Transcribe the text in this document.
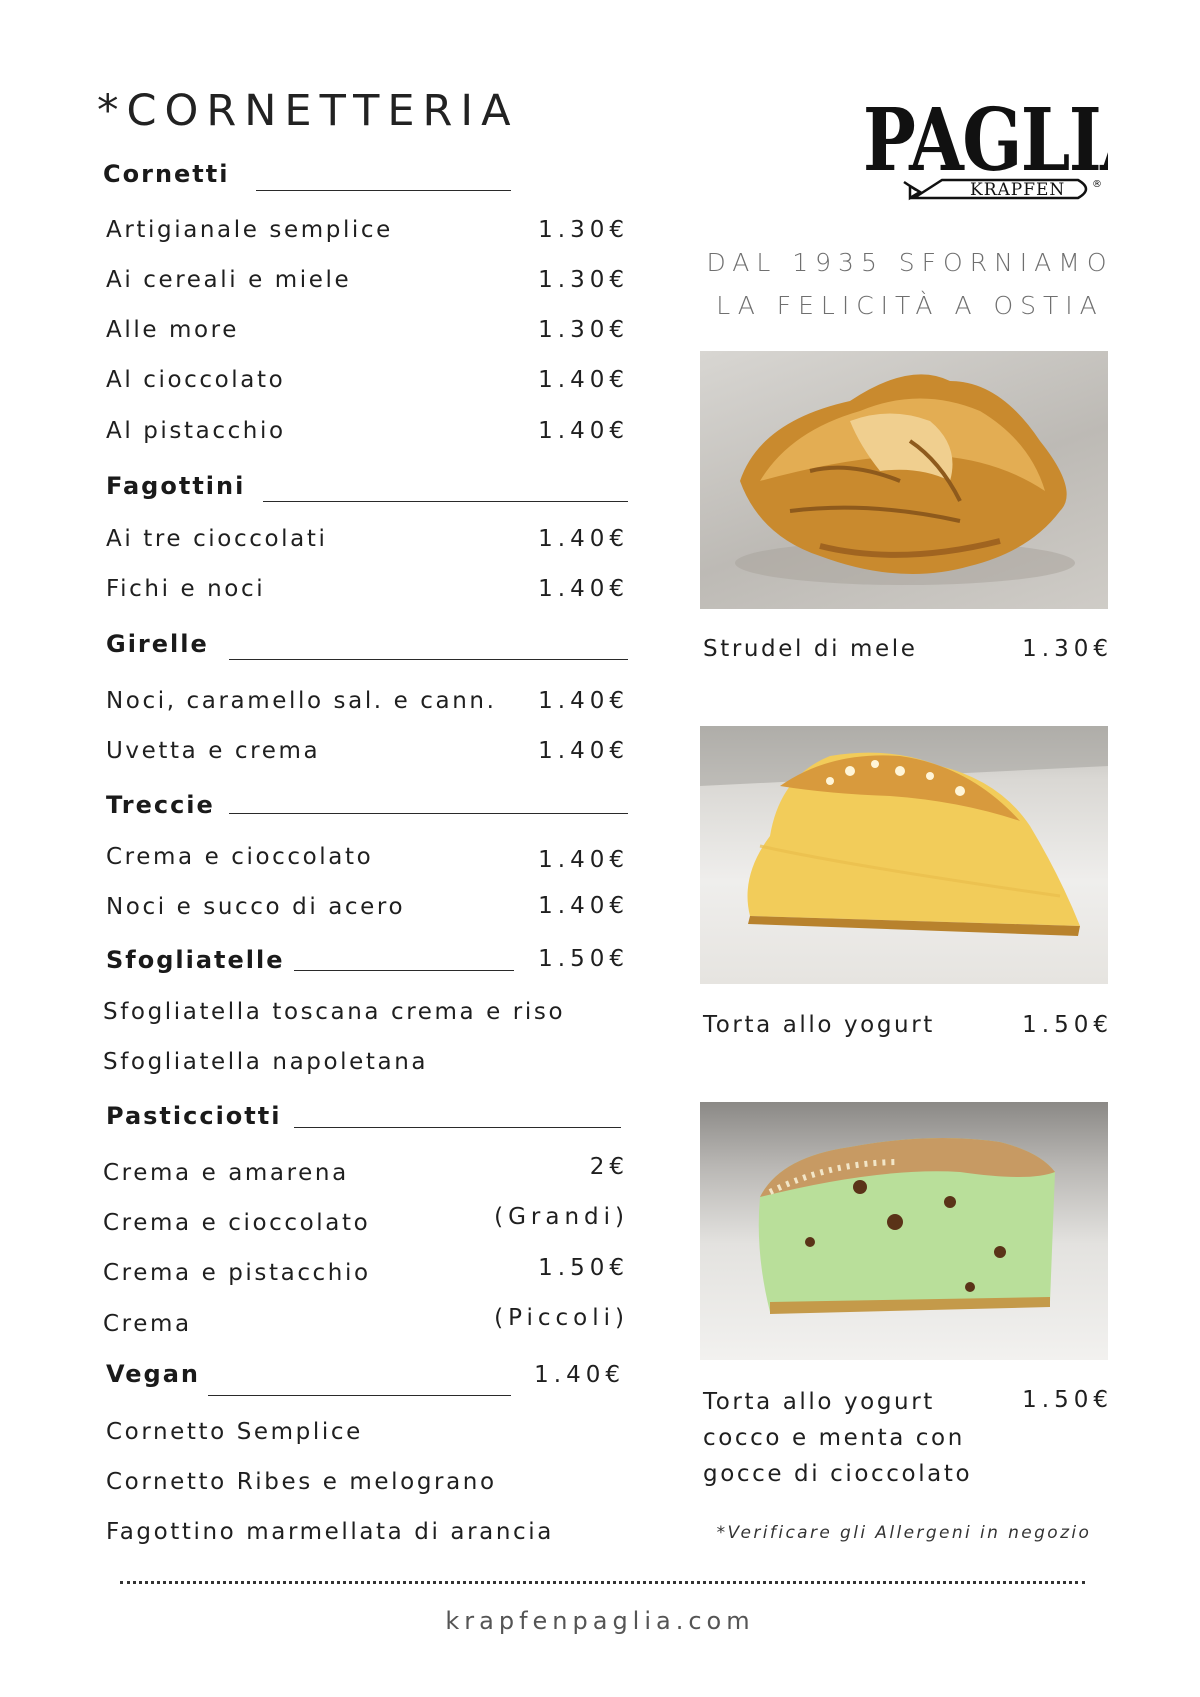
*CORNETTERIA
Cornetti
Artigianale semplice	1.30€
Ai cereali e miele	1.30€
Alle more	1.30€
Al cioccolato	1.40€
Al pistacchio	1.40€
Fagottini
Ai tre cioccolati	1.40€
Fichi e noci	1.40€
Girelle
Noci, caramello sal. e cann. 1.40€
Uvetta e crema	1.40€
Treccie
Crema e cioccolato	1.40€
Noci e succo di acero	1.40€
Sfogliatelle	1.50€
Sfogliatella toscana crema e riso
Sfogliatella napoletana
Pasticciotti
Crema e amarena	2€
Crema e cioccolato	(Grandi)
Crema e pistacchio	1.50€
Crema	(Piccoli)
Vegan	1.40€
Cornetto Semplice
Cornetto Ribes e melograno
Fagottino marmellata di arancia
PAGLI
KRAPFEN	®
DAL 1935 SFORNIAMO
LA FELICITÀ A OSTIA
Strudel di mele	1.30€
Torta allo yogurt	1.50€
Torta allo yogurt
cocco e menta con
gocce di cioccolato
1.50€
*Verificare gli Allergeni in negozio
krapfenpaglia.com
